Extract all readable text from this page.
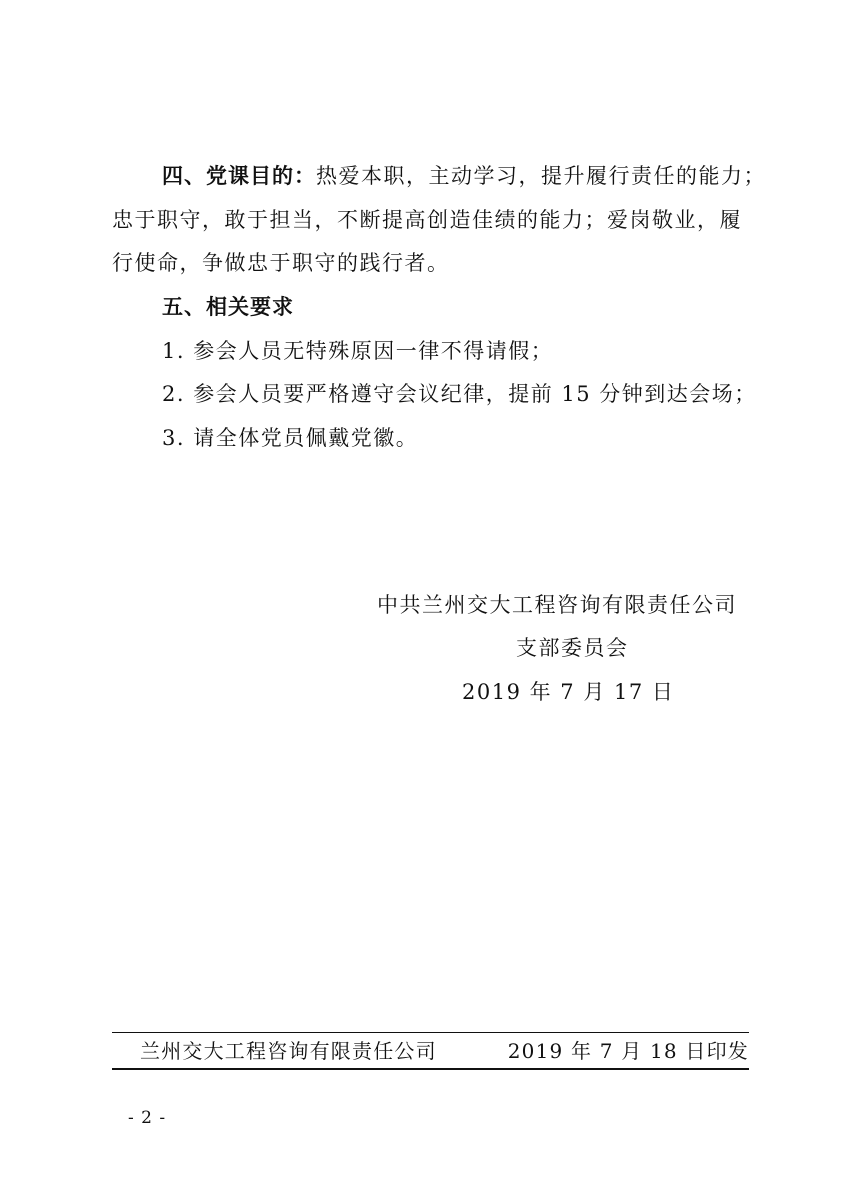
四、党课目的：热爱本职，主动学习，提升履行责任的能力；
忠于职守，敢于担当，不断提高创造佳绩的能力；爱岗敬业，履
行使命，争做忠于职守的践行者。
五、相关要求
1. 参会人员无特殊原因一律不得请假；
2. 参会人员要严格遵守会议纪律，提前 15 分钟到达会场；
3. 请全体党员佩戴党徽。
中共兰州交大工程咨询有限责任公司
支部委员会
2019 年 7 月 17 日
兰州交大工程咨询有限责任公司	2019 年 7 月 18 日印发
- 2 -
